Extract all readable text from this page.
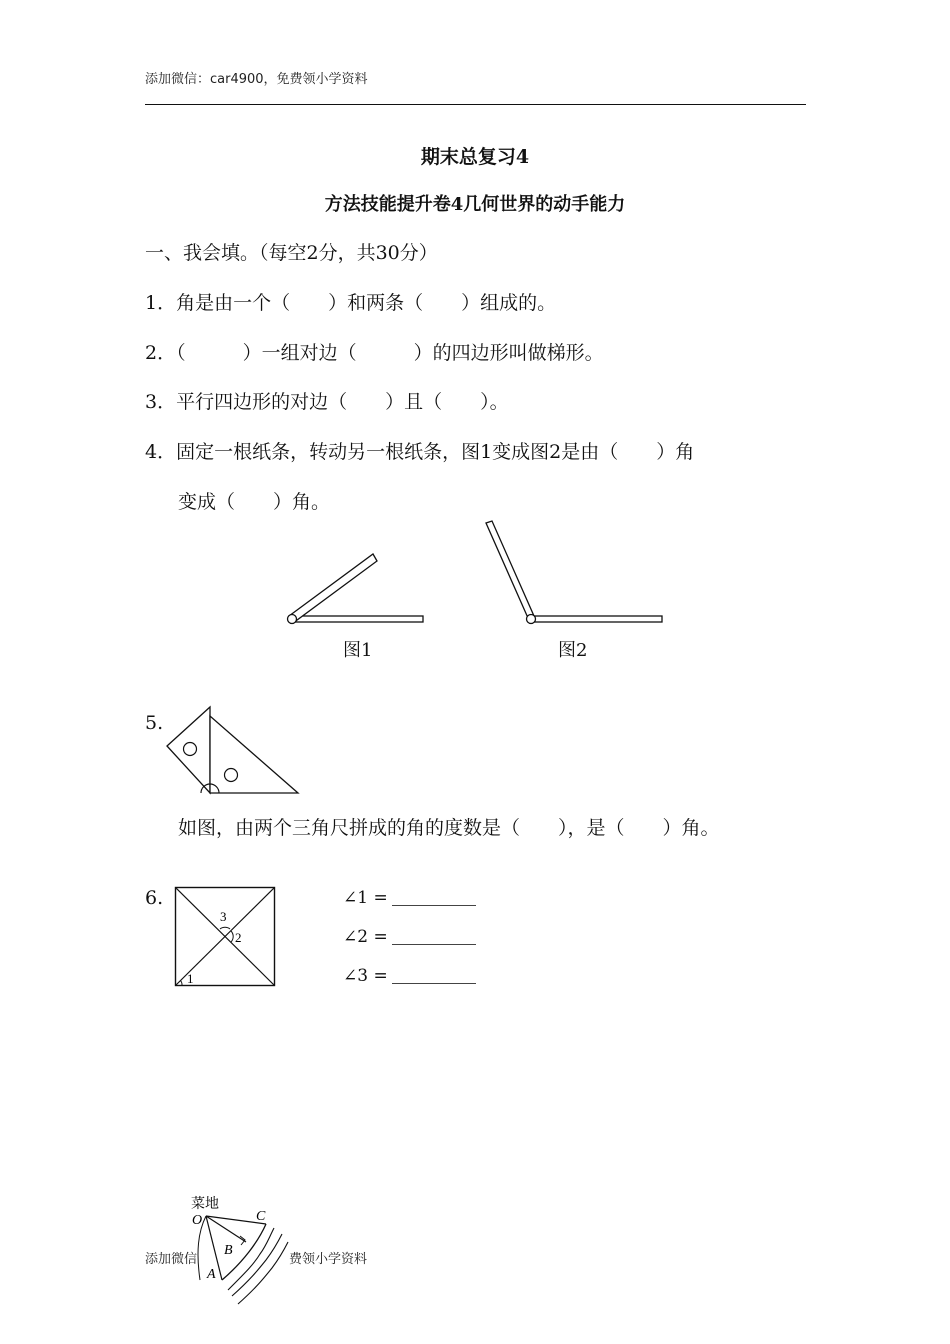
添加微信：car4900，免费领小学资料
期末总复习4
方法技能提升卷4几何世界的动手能力
一、我会填。（每空2分，共30分）
1．角是由一个（　　）和两条（　　）组成的。
2．（　　　）一组对边（　　　）的四边形叫做梯形。
3．平行四边形的对边（　　）且（　　）。
4．固定一根纸条，转动另一根纸条，图1变成图2是由（　　）角
变成（　　）角。
图1	图2
5.
如图，由两个三角尺拼成的角的度数是（　　），是（　　）角。
6.
1
2
3
∠1 =
∠2 =
∠3 =
添加微信	费领小学资料
菜地
O	C
B
A
